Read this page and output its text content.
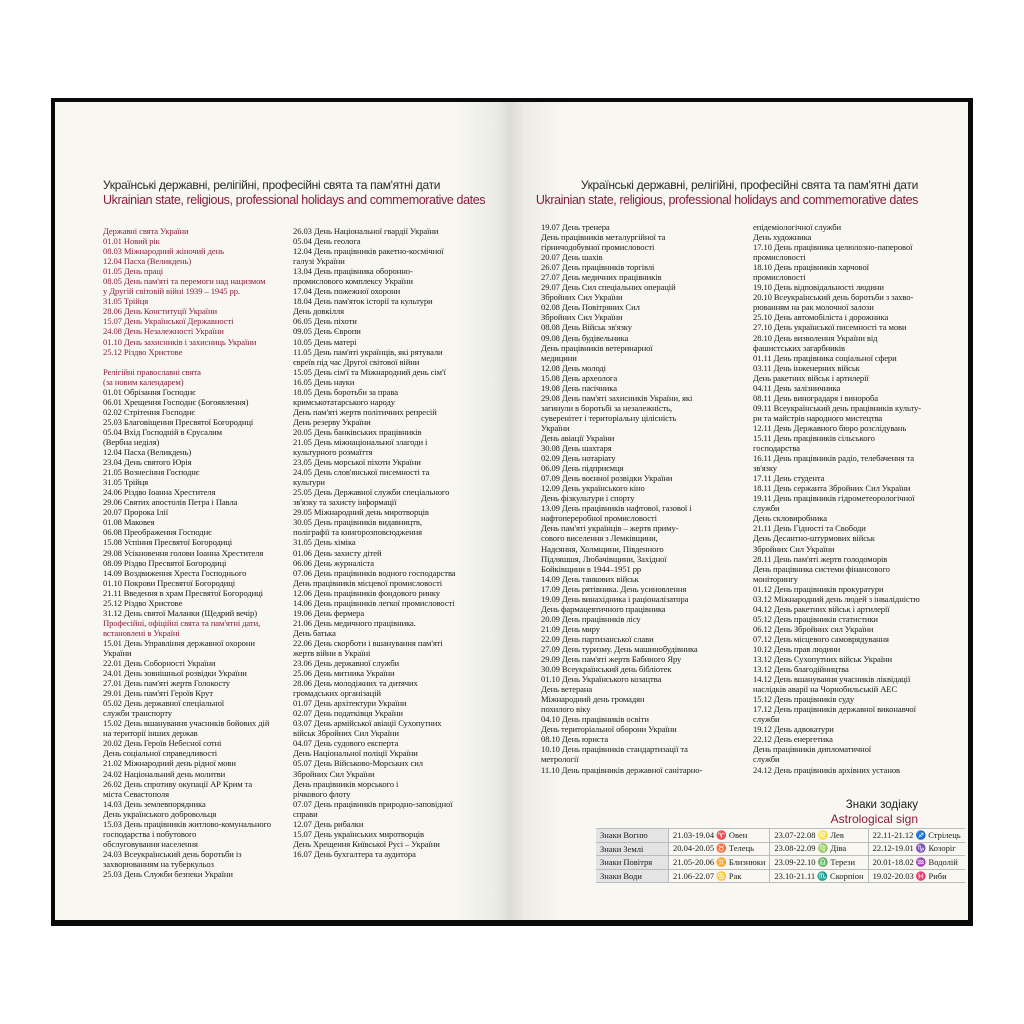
Українські державні, релігійні, професійні свята та пам'ятні дати
Ukrainian state, religious, professional holidays and commemorative dates
Державні свята України
01.01 Новий рік
08.03 Міжнародний жіночий день
12.04 Пасха (Великдень)
01.05 День праці
08.05 День пам'яті та перемоги над нацизмом
у Другій світовій війні 1939 – 1945 рр.
31.05 Трійця
28.06 День Конституції України
15.07 День Української Державності
24.08 День Незалежності України
01.10 День захисників і захисниць України
25.12 Різдво Христове

Релігійні православні свята
(за новим календарем)
01.01 Обрізання Господнє
06.01 Хрещення Господнє (Богоявлення)
02.02 Стрітення Господнє
25.03 Благовіщення Пресвятої Богородиці
05.04 Вхід Господній в Єрусалим
(Вербна неділя)
12.04 Пасха (Великдень)
23.04 День святого Юрія
21.05 Вознесіння Господнє
31.05 Трійця
24.06 Різдво Іоанна Хрестителя
29.06 Святих апостолів Петра і Павла
20.07 Пророка Ілії
01.08 Маковея
06.08 Преображення Господнє
15.08 Успіння Пресвятої Богородиці
29.08 Усікновення голови Іоанна Хрестителя
08.09 Різдво Пресвятої Богородиці
14.09 Воздвиження Хреста Господнього
01.10 Покрови Пресвятої Богородиці
21.11 Введення в храм Пресвятої Богородиці
25.12 Різдво Христове
31.12 День святої Маланки (Щедрий вечір)
Професійні, офіційні свята та пам'ятні дати,
встановлені в Україні
15.01 День Управління державної охорони
України
22.01 День Соборності України
24.01 День зовнішньої розвідки України
27.01 День пам'яті жертв Голокосту
29.01 День пам'яті Героїв Крут
05.02 День державної спеціальної
служби транспорту
15.02 День вшанування учасників бойових дій
на території інших держав
20.02 День Героїв Небесної сотні
День соціальної справедливості
21.02 Міжнародний день рідної мови
24.02 Національний день молитви
26.02 День спротиву окупації АР Крим та
міста Севастополя
14.03 День землевпорядника
День українського добровольця
15.03 День працівників житлово-комунального
господарства і побутового
обслуговування населення
24.03 Всеукраїнський день боротьби із
захворюванням на туберкульоз
25.03 День Служби безпеки України
26.03 День Національної гвардії України
05.04 День геолога
12.04 День працівників ракетно-космічної
галузі України
13.04 День працівника оборонно-
промислового комплексу України
17.04 День пожежної охорони
18.04 День пам'яток історії та культури
День довкілля
06.05 День піхоти
09.05 День Європи
10.05 День матері
11.05 День пам'яті українців, які рятували
євреїв під час Другої світової війни
15.05 День сім'ї та Міжнародний день сім'ї
16.05 День науки
18.05 День боротьби за права
кримськотатарського народу
День пам'яті жертв політичних репресій
День резерву України
20.05 День банківських працівників
21.05 День міжнаціональної злагоди і
культурного розмаїття
23.05 День морської піхоти України
24.05 День слов'янської писемності та
культури
25.05 День Державної служби спеціального
зв'язку та захисту інформації
29.05 Міжнародний день миротворців
30.05 День працівників видавництв,
поліграфії та книгорозповсюдження
31.05 День хіміка
01.06 День захисту дітей
06.06 День журналіста
07.06 День працівників водного господарства
День працівників місцевої промисловості
12.06 День працівників фондового ринку
14.06 День працівників легкої промисловості
19.06 День фермера
21.06 День медичного працівника.
День батька
22.06 День скорботи і вшанування пам'яті
жертв війни в Україні
23.06 День державної служби
25.06 День митника України
28.06 День молодіжних та дитячих
громадських організацій
01.07 День архітектури України
02.07 День податківця України
03.07 День армійської авіації Сухопутних
військ Збройних Сил України
04.07 День судового експерта
День Національної поліції України
05.07 День Військово-Морських сил
Збройних Сил України
День працівників морського і
річкового флоту
07.07 День працівників природно-заповідної
справи
12.07 День рибалки
15.07 День українських миротворців
День Хрещення Київської Русі – України
16.07 День бухгалтера та аудитора
Українські державні, релігійні, професійні свята та пам'ятні дати
Ukrainian state, religious, professional holidays and commemorative dates
19.07 День тренера
День працівників металургійної та
гірничодобувної промисловості
20.07 День шахів
26.07 День працівників торгівлі
27.07 День медичних працівників
29.07 День Сил спеціальних операцій
Збройних Сил України
02.08 День Повітряних Сил
Збройних Сил України
08.08 День Військ зв'язку
09.08 День будівельника
День працівників ветеринарної
медицини
12.08 День молоді
15.08 День археолога
19.08 День пасічника
29.08 День пам'яті захисників України, які
загинули в боротьбі за незалежність,
суверенітет і територіальну цілісність
України
День авіації України
30.08 День шахтаря
02.09 День нотаріату
06.09 День підприємця
07.09 День воєнної розвідки України
12.09 День українського кіно
День фізкультури і спорту
13.09 День працівників нафтової, газової і
нафтопереробної промисловості
День пам'яті українців – жертв приму-
сового виселення з Лемківщини,
Надсяння, Холмщини, Південного
Підляшшя, Любачівщини, Західної
Бойківщини в 1944–1951 рр
14.09 День танкових військ
17.09 День рятівника. День усиновлення
19.09 День винахідника і раціоналізатора
День фармацевтичного працівника
20.09 День працівників лісу
21.09 День миру
22.09 День партизанської слави
27.09 День туризму. День машинобудівника
29.09 День пам'яті жертв Бабиного Яру
30.09 Всеукраїнський день бібліотек
01.10 День Українського козацтва
День ветерана
Міжнародний день громадян
похилого віку
04.10 День працівників освіти
День територіальної оборони України
08.10 День юриста
10.10 День працівників стандартизації та
метрології
11.10 День працівників державної санітарно-
епідеміологічної служби
День художника
17.10 День працівника целюлозно-паперової
промисловості
18.10 День працівників харчової
промисловості
19.10 День відповідальності людини
20.10 Всеукраїнський день боротьби з захво-
рюванням на рак молочної залози
25.10 День автомобіліста і дорожника
27.10 День української писемності та мови
28.10 День визволення України від
фашистських загарбників
01.11 День працівника соціальної сфери
03.11 День інженерних військ
День ракетних військ і артилерії
04.11 День залізничника
08.11 День виноградаря і винороба
09.11 Всеукраїнський день працівників культу-
ри та майстрів народного мистецтва
12.11 День Державного бюро розслідувань
15.11 День працівників сільського
господарства
16.11 День працівників радіо, телебачення та
зв'язку
17.11 День студента
18.11 День сержанта Збройних Сил України
19.11 День працівників гідрометеорологічної
служби
День скловиробника
21.11 День Гідності та Свободи
День Десантно-штурмових військ
Збройних Сил України
28.11 День пам'яті жертв голодоморів
День працівника системи фінансового
моніторингу
01.12 День працівників прокуратури
03.12 Міжнародний день людей з інвалідністю
04.12 День ракетних військ і артилерії
05.12 День працівників статистики
06.12 День Збройних сил України
07.12 День місцевого самоврядування
10.12 День прав людини
13.12 День Сухопутних військ України
13.12 День благодійництва
14.12 День вшанування учасників ліквідації
наслідків аварії на Чорнобильській АЕС
15.12 День працівників суду
17.12 День працівників державної виконавчої
служби
19.12 День адвокатури
22.12 День енергетика
День працівників дипломатичної
служби
24.12 День працівників архівних установ
Знаки зодіаку
Astrological sign
Знаки Вогню	21.03-19.04 ♈ Овен	23.07-22.08 ♌ Лев	22.11-21.12 ♐ Стрілець
Знаки Землі	20.04-20.05 ♉ Телець	23.08-22.09 ♍ Діва	22.12-19.01 ♑ Козоріг
Знаки Повітря	21.05-20.06 ♊ Близнюки	23.09-22.10 ♎ Терези	20.01-18.02 ♒ Водолій
Знаки Води	21.06-22.07 ♋ Рак	23.10-21.11 ♏ Скорпіон	19.02-20.03 ♓ Риби
